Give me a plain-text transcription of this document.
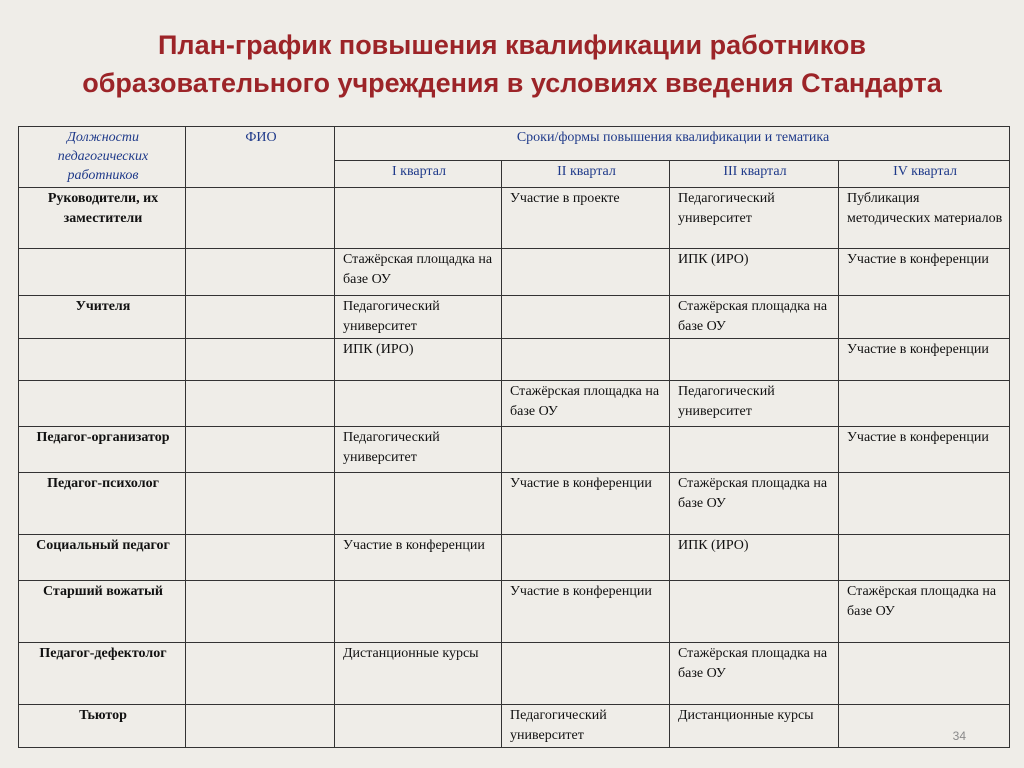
План-график повышения квалификации работников
образовательного учреждения в условиях введения Стандарта
Должности педагогических работников	ФИО	Сроки/формы повышения квалификации и тематика			
		I квартал	II квартал	III квартал	IV квартал
Руководители, их заместители			Участие в проекте	Педагогический университет	Публикация методических материалов
		Стажёрская площадка на базе ОУ		ИПК (ИРО)	Участие в конференции
Учителя		Педагогический университет		Стажёрская площадка на базе ОУ	
		ИПК (ИРО)			Участие в конференции
			Стажёрская площадка на базе ОУ	Педагогический университет	
Педагог-организатор		Педагогический университет			Участие в конференции
Педагог-психолог			Участие в конференции	Стажёрская площадка на базе ОУ	
Социальный педагог		Участие в конференции		ИПК (ИРО)	
Старший вожатый			Участие в конференции		Стажёрская площадка на базе ОУ
Педагог-дефектолог		Дистанционные курсы		Стажёрская площадка на базе ОУ	
Тьютор			Педагогический университет	Дистанционные курсы	
34
